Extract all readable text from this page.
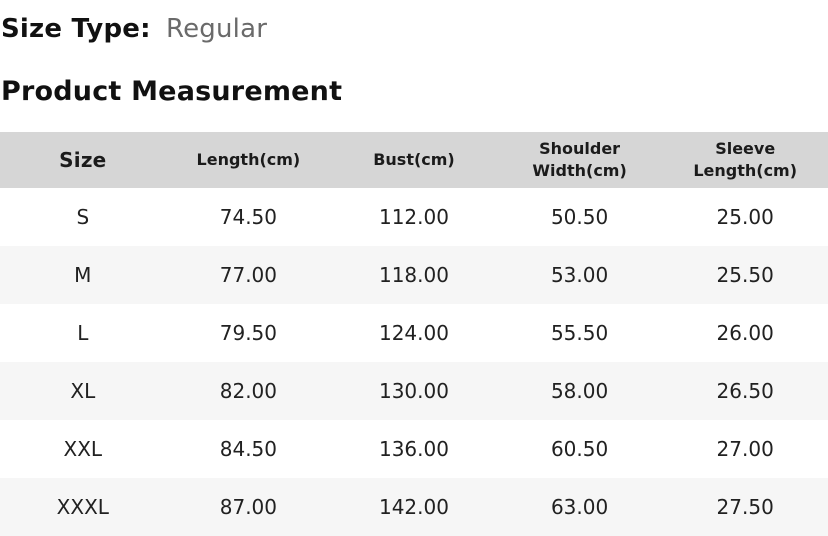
Size Type: Regular

Product Measurement
Size	Length(cm)	Bust(cm)	Shoulder Width(cm)	Sleeve Length(cm)
S	74.50	112.00	50.50	25.00
M	77.00	118.00	53.00	25.50
L	79.50	124.00	55.50	26.00
XL	82.00	130.00	58.00	26.50
XXL	84.50	136.00	60.50	27.00
XXXL	87.00	142.00	63.00	27.50
